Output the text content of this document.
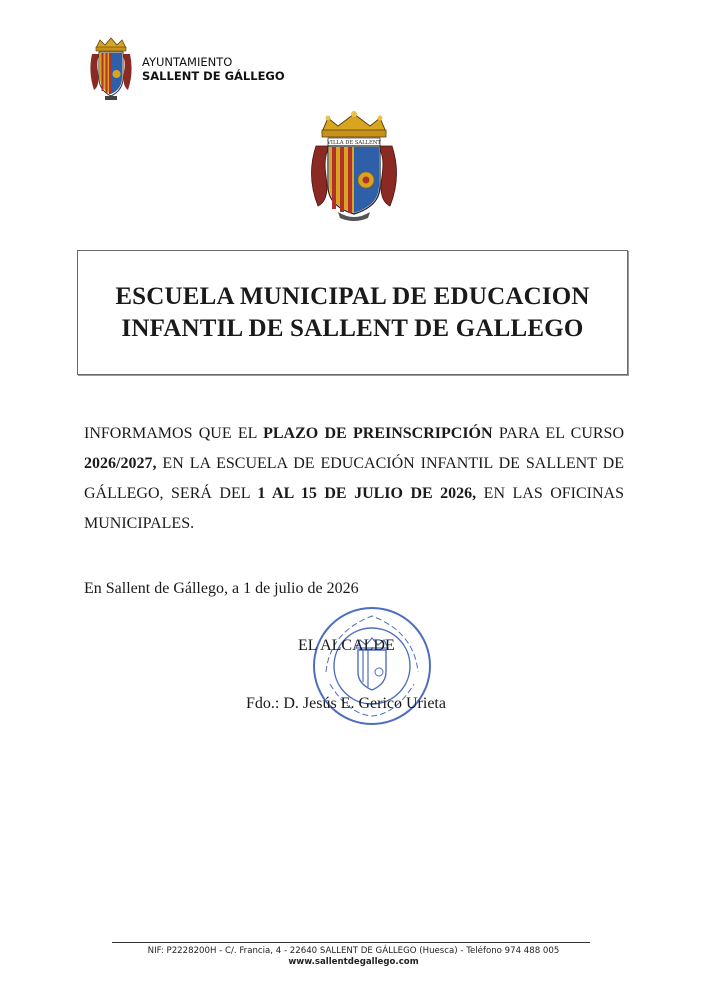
AYUNTAMIENTO
SALLENT DE GÁLLEGO
VILLA DE SALLENT
ESCUELA MUNICIPAL DE EDUCACION
INFANTIL DE SALLENT DE GALLEGO
INFORMAMOS QUE EL PLAZO DE PREINSCRIPCIÓN PARA EL CURSO 2026/2027, EN LA ESCUELA DE EDUCACIÓN INFANTIL DE SALLENT DE GÁLLEGO, SERÁ DEL 1 AL 15 DE JULIO DE 2026, EN LAS OFICINAS MUNICIPALES.
En Sallent de Gállego, a 1 de julio de 2026
EL ALCALDE
Fdo.: D. Jesús E. Gerico Urieta
NIF: P2228200H - C/. Francia, 4 - 22640 SALLENT DE GÁLLEGO (Huesca) - Teléfono 974 488 005
www.sallentdegallego.com
